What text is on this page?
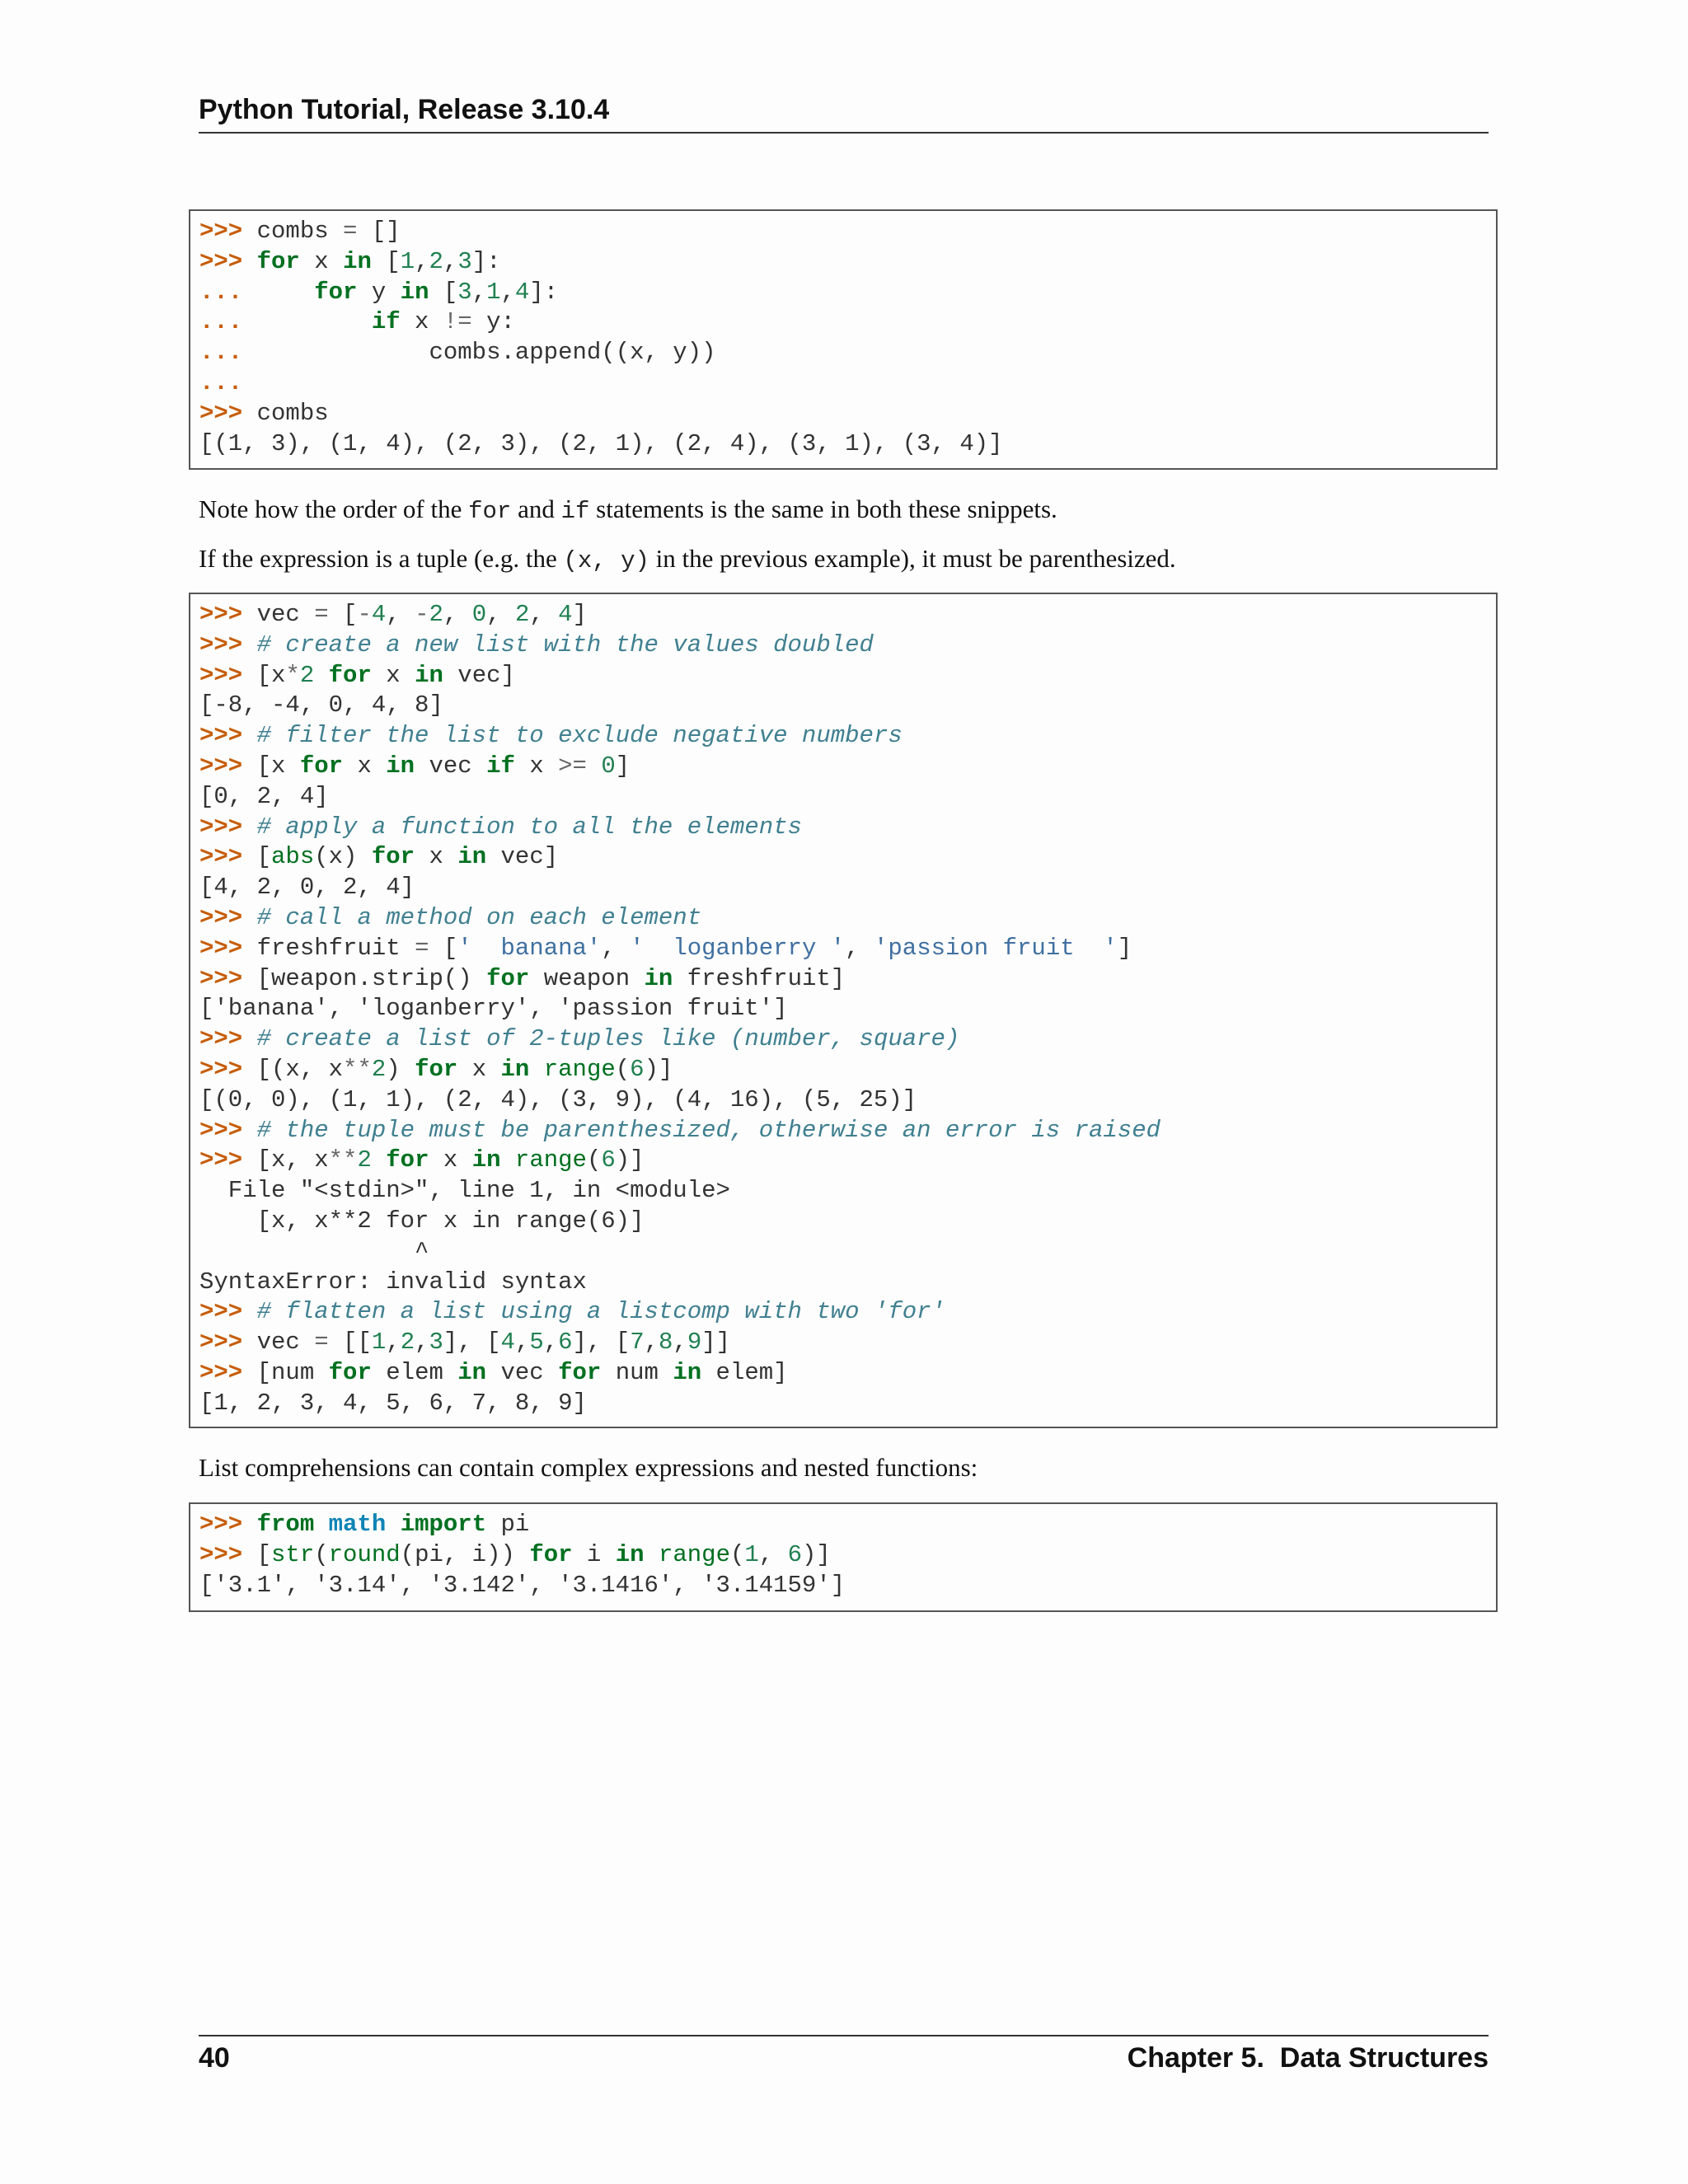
Python Tutorial, Release 3.10.4
>>> combs = []
>>> for x in [1,2,3]:
...     for y in [3,1,4]:
...         if x != y:
...             combs.append((x, y))
...
>>> combs
[(1, 3), (1, 4), (2, 3), (2, 1), (2, 4), (3, 1), (3, 4)]
Note how the order of the for and if statements is the same in both these snippets.
If the expression is a tuple (e.g. the (x, y) in the previous example), it must be parenthesized.
>>> vec = [-4, -2, 0, 2, 4]
>>> # create a new list with the values doubled
>>> [x*2 for x in vec]
[-8, -4, 0, 4, 8]
>>> # filter the list to exclude negative numbers
>>> [x for x in vec if x >= 0]
[0, 2, 4]
>>> # apply a function to all the elements
>>> [abs(x) for x in vec]
[4, 2, 0, 2, 4]
>>> # call a method on each element
>>> freshfruit = ['  banana', '  loganberry ', 'passion fruit  ']
>>> [weapon.strip() for weapon in freshfruit]
['banana', 'loganberry', 'passion fruit']
>>> # create a list of 2-tuples like (number, square)
>>> [(x, x**2) for x in range(6)]
[(0, 0), (1, 1), (2, 4), (3, 9), (4, 16), (5, 25)]
>>> # the tuple must be parenthesized, otherwise an error is raised
>>> [x, x**2 for x in range(6)]
File "<stdin>", line 1, in <module>
[x, x**2 for x in range(6)]
^
SyntaxError: invalid syntax
>>> # flatten a list using a listcomp with two 'for'
>>> vec = [[1,2,3], [4,5,6], [7,8,9]]
>>> [num for elem in vec for num in elem]
[1, 2, 3, 4, 5, 6, 7, 8, 9]
List comprehensions can contain complex expressions and nested functions:
>>> from math import pi
>>> [str(round(pi, i)) for i in range(1, 6)]
['3.1', '3.14', '3.142', '3.1416', '3.14159']
40	Chapter 5.  Data Structures
